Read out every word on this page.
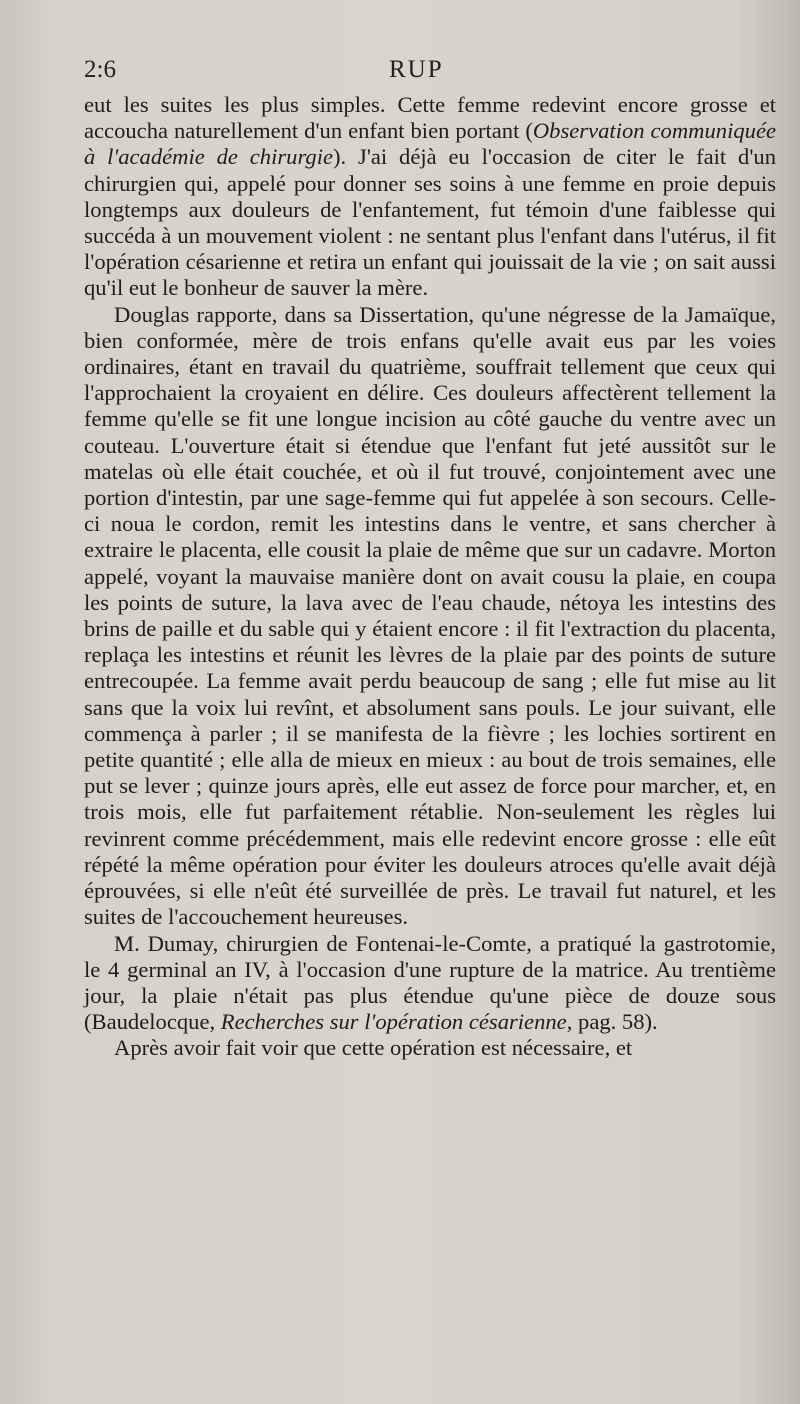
2:6	RUP

eut les suites les plus simples. Cette femme redevint encore grosse et accoucha naturellement d'un enfant bien portant (Observation communiquée à l'académie de chirurgie). J'ai déjà eu l'occasion de citer le fait d'un chirurgien qui, appelé pour donner ses soins à une femme en proie depuis longtemps aux douleurs de l'enfantement, fut témoin d'une faiblesse qui succéda à un mouvement violent : ne sentant plus l'enfant dans l'utérus, il fit l'opération césarienne et retira un enfant qui jouissait de la vie ; on sait aussi qu'il eut le bonheur de sauver la mère.

Douglas rapporte, dans sa Dissertation, qu'une négresse de la Jamaïque, bien conformée, mère de trois enfans qu'elle avait eus par les voies ordinaires, étant en travail du quatrième, souffrait tellement que ceux qui l'approchaient la croyaient en délire. Ces douleurs affectèrent tellement la femme qu'elle se fit une longue incision au côté gauche du ventre avec un couteau. L'ouverture était si étendue que l'enfant fut jeté aussitôt sur le matelas où elle était couchée, et où il fut trouvé, conjointement avec une portion d'intestin, par une sage-femme qui fut appelée à son secours. Celle-ci noua le cordon, remit les intestins dans le ventre, et sans chercher à extraire le placenta, elle cousit la plaie de même que sur un cadavre. Morton appelé, voyant la mauvaise manière dont on avait cousu la plaie, en coupa les points de suture, la lava avec de l'eau chaude, nétoya les intestins des brins de paille et du sable qui y étaient encore : il fit l'extraction du placenta, replaça les intestins et réunit les lèvres de la plaie par des points de suture entrecoupée. La femme avait perdu beaucoup de sang ; elle fut mise au lit sans que la voix lui revînt, et absolument sans pouls. Le jour suivant, elle commença à parler ; il se manifesta de la fièvre ; les lochies sortirent en petite quantité ; elle alla de mieux en mieux : au bout de trois semaines, elle put se lever ; quinze jours après, elle eut assez de force pour marcher, et, en trois mois, elle fut parfaitement rétablie. Non-seulement les règles lui revinrent comme précédemment, mais elle redevint encore grosse : elle eût répété la même opération pour éviter les douleurs atroces qu'elle avait déjà éprouvées, si elle n'eût été surveillée de près. Le travail fut naturel, et les suites de l'accouchement heureuses.

M. Dumay, chirurgien de Fontenai-le-Comte, a pratiqué la gastrotomie, le 4 germinal an IV, à l'occasion d'une rupture de la matrice. Au trentième jour, la plaie n'était pas plus étendue qu'une pièce de douze sous (Baudelocque, Recherches sur l'opération césarienne, pag. 58).

Après avoir fait voir que cette opération est nécessaire, et
